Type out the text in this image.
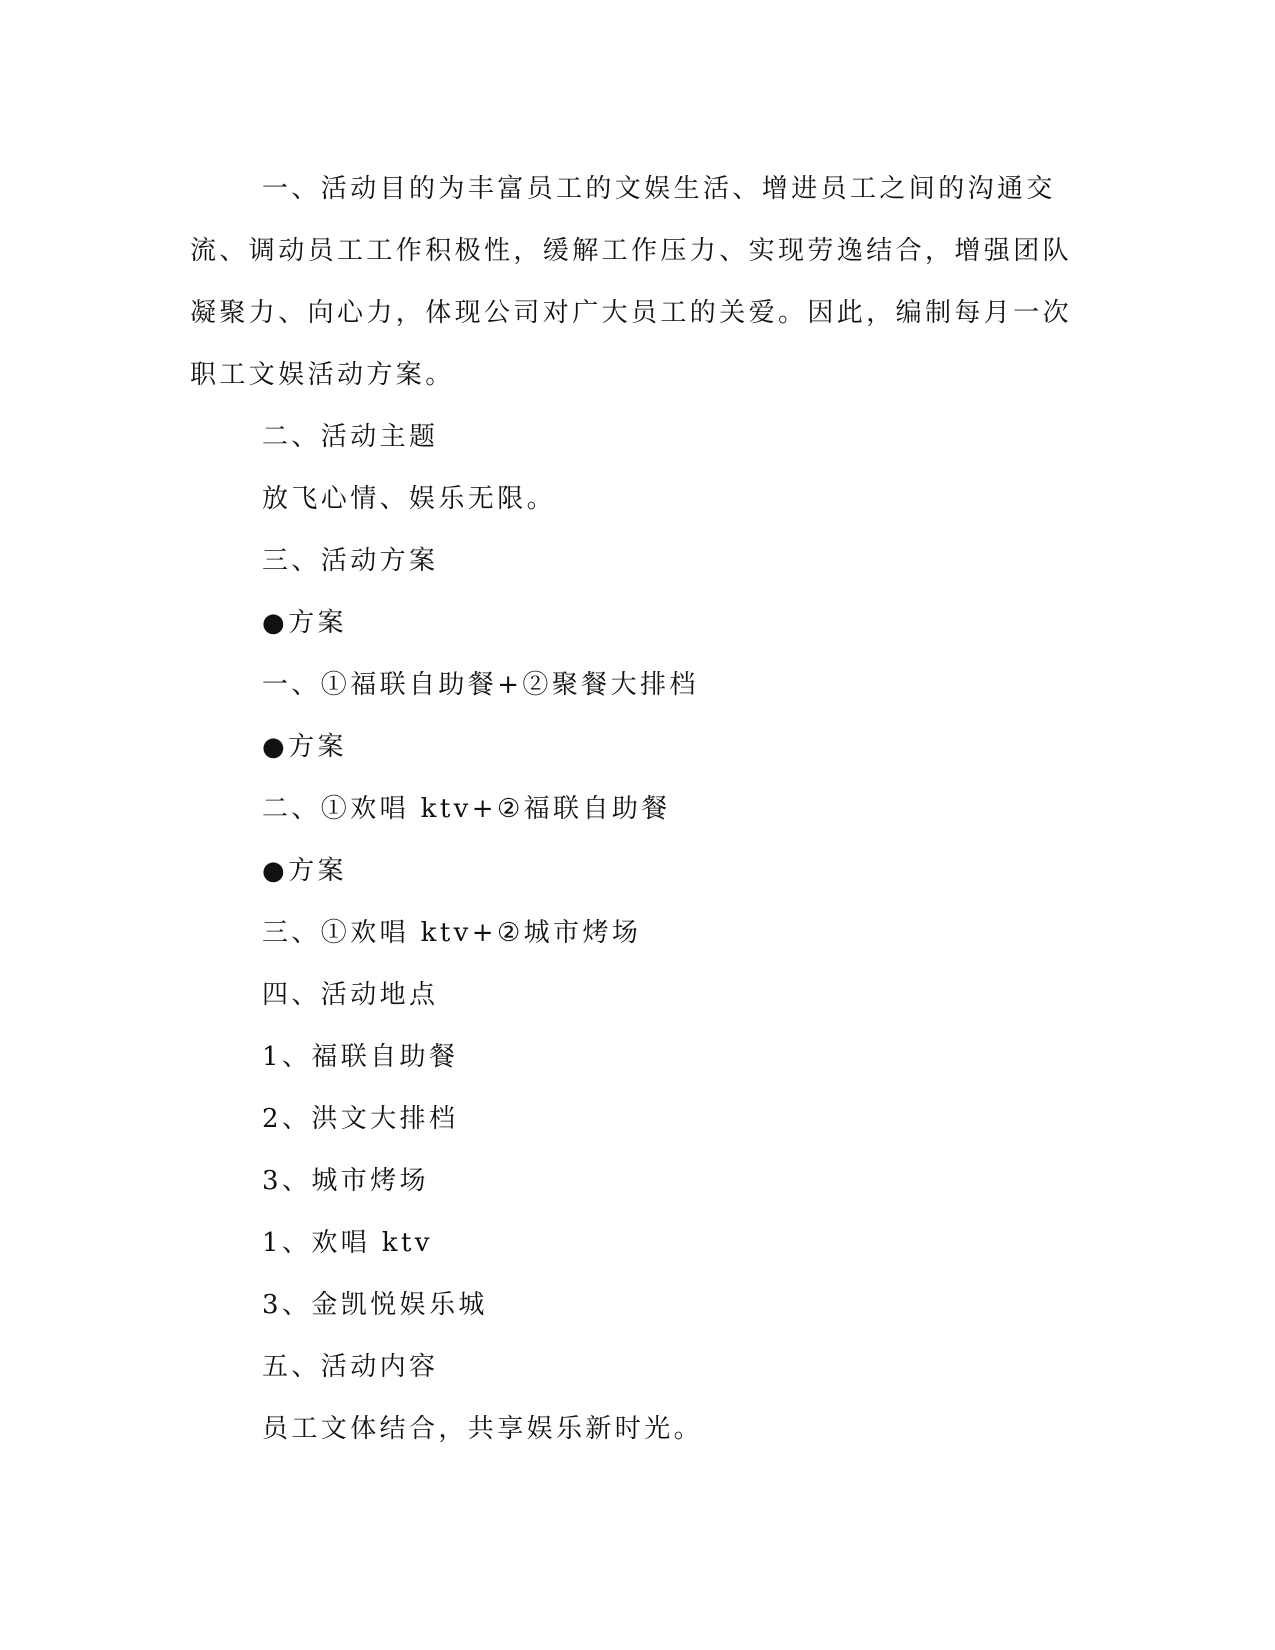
一、活动目的为丰富员工的文娱生活、增进员工之间的沟通交流、调动员工工作积极性，缓解工作压力、实现劳逸结合，增强团队凝聚力、向心力，体现公司对广大员工的关爱。因此，编制每月一次职工文娱活动方案。

二、活动主题

放飞心情、娱乐无限。

三、活动方案

●方案

一、①福联自助餐+②聚餐大排档

●方案

二、①欢唱 ktv+②福联自助餐

●方案

三、①欢唱 ktv+②城市烤场

四、活动地点

1、福联自助餐

2、洪文大排档

3、城市烤场

1、欢唱 ktv

3、金凯悦娱乐城

五、活动内容

员工文体结合，共享娱乐新时光。
